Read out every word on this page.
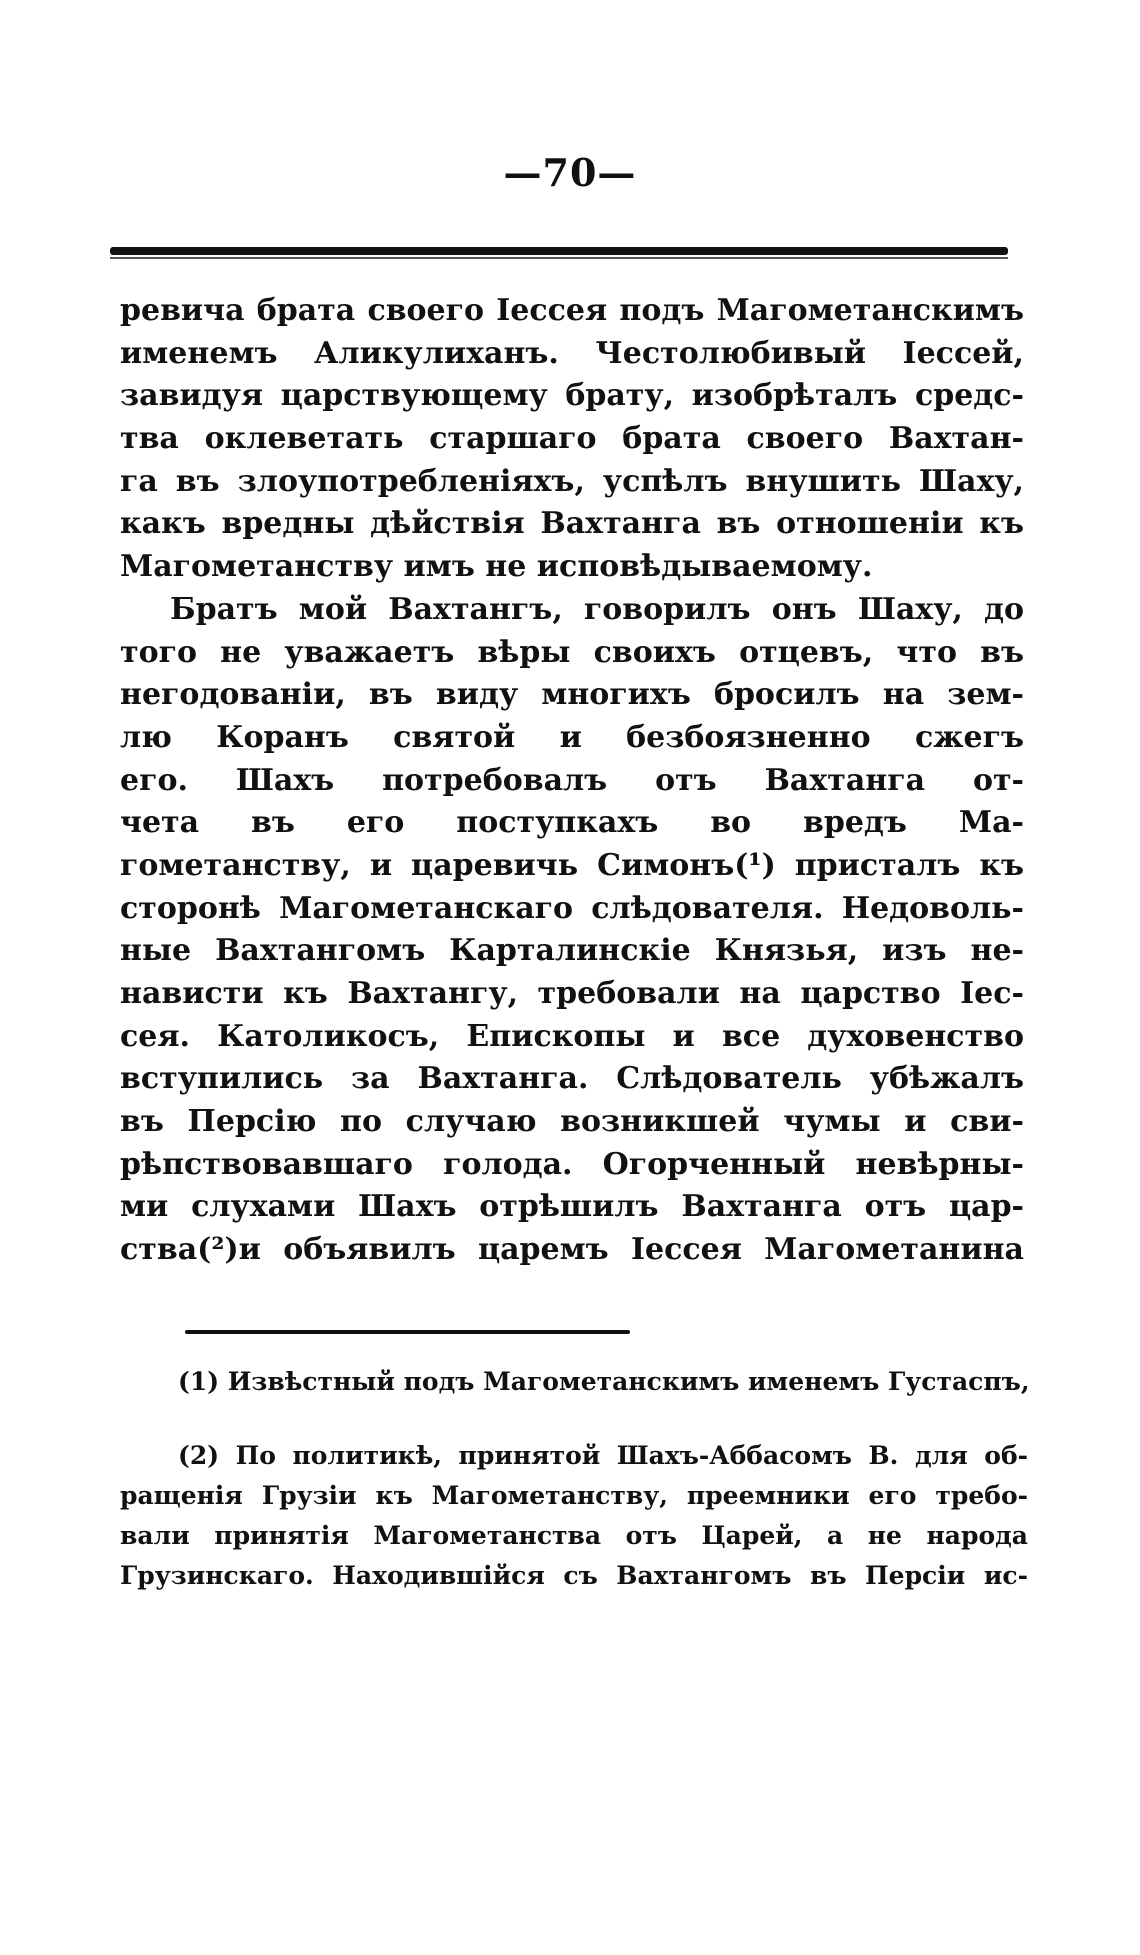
—70—
ревича брата своего Іессея подъ Магометанскимъ
именемъ Аликулиханъ. Честолюбивый Іессей,
завидуя царствующему брату, изобрѣталъ средс-
тва оклеветать старшаго брата своего Вахтан-
га въ злоупотребленіяхъ, успѣлъ внушить Шаху,
какъ вредны дѣйствія Вахтанга въ отношеніи къ
Магометанству имъ не исповѣдываемому.
Братъ мой Вахтангъ, говорилъ онъ Шаху, до
того не уважаетъ вѣры своихъ отцевъ, что въ
негодованіи, въ виду многихъ бросилъ на зем-
лю Коранъ святой и безбоязненно сжегъ
его. Шахъ потребовалъ отъ Вахтанга от-
чета въ его поступкахъ во вредъ Ма-
гометанству, и царевичь Симонъ(¹) присталъ къ
сторонѣ Магометанскаго слѣдователя. Недоволь-
ные Вахтангомъ Карталинскіе Князья, изъ не-
нависти къ Вахтангу, требовали на царство Іес-
сея. Католикосъ, Епископы и все духовенство
вступились за Вахтанга. Слѣдователь убѣжалъ
въ Персію по случаю возникшей чумы и сви-
рѣпствовавшаго голода. Огорченный невѣрны-
ми слухами Шахъ отрѣшилъ Вахтанга отъ цар-
ства(²)и объявилъ царемъ Іессея Магометанина
(1) Извѣстный подъ Магометанскимъ именемъ Густаспъ,
(2) По политикѣ, принятой Шахъ-Аббасомъ В. для об-
ращенія Грузіи къ Магометанству, преемники его требо-
вали принятія Магометанства отъ Царей, а не народа
Грузинскаго. Находившійся съ Вахтангомъ въ Персіи ис-
